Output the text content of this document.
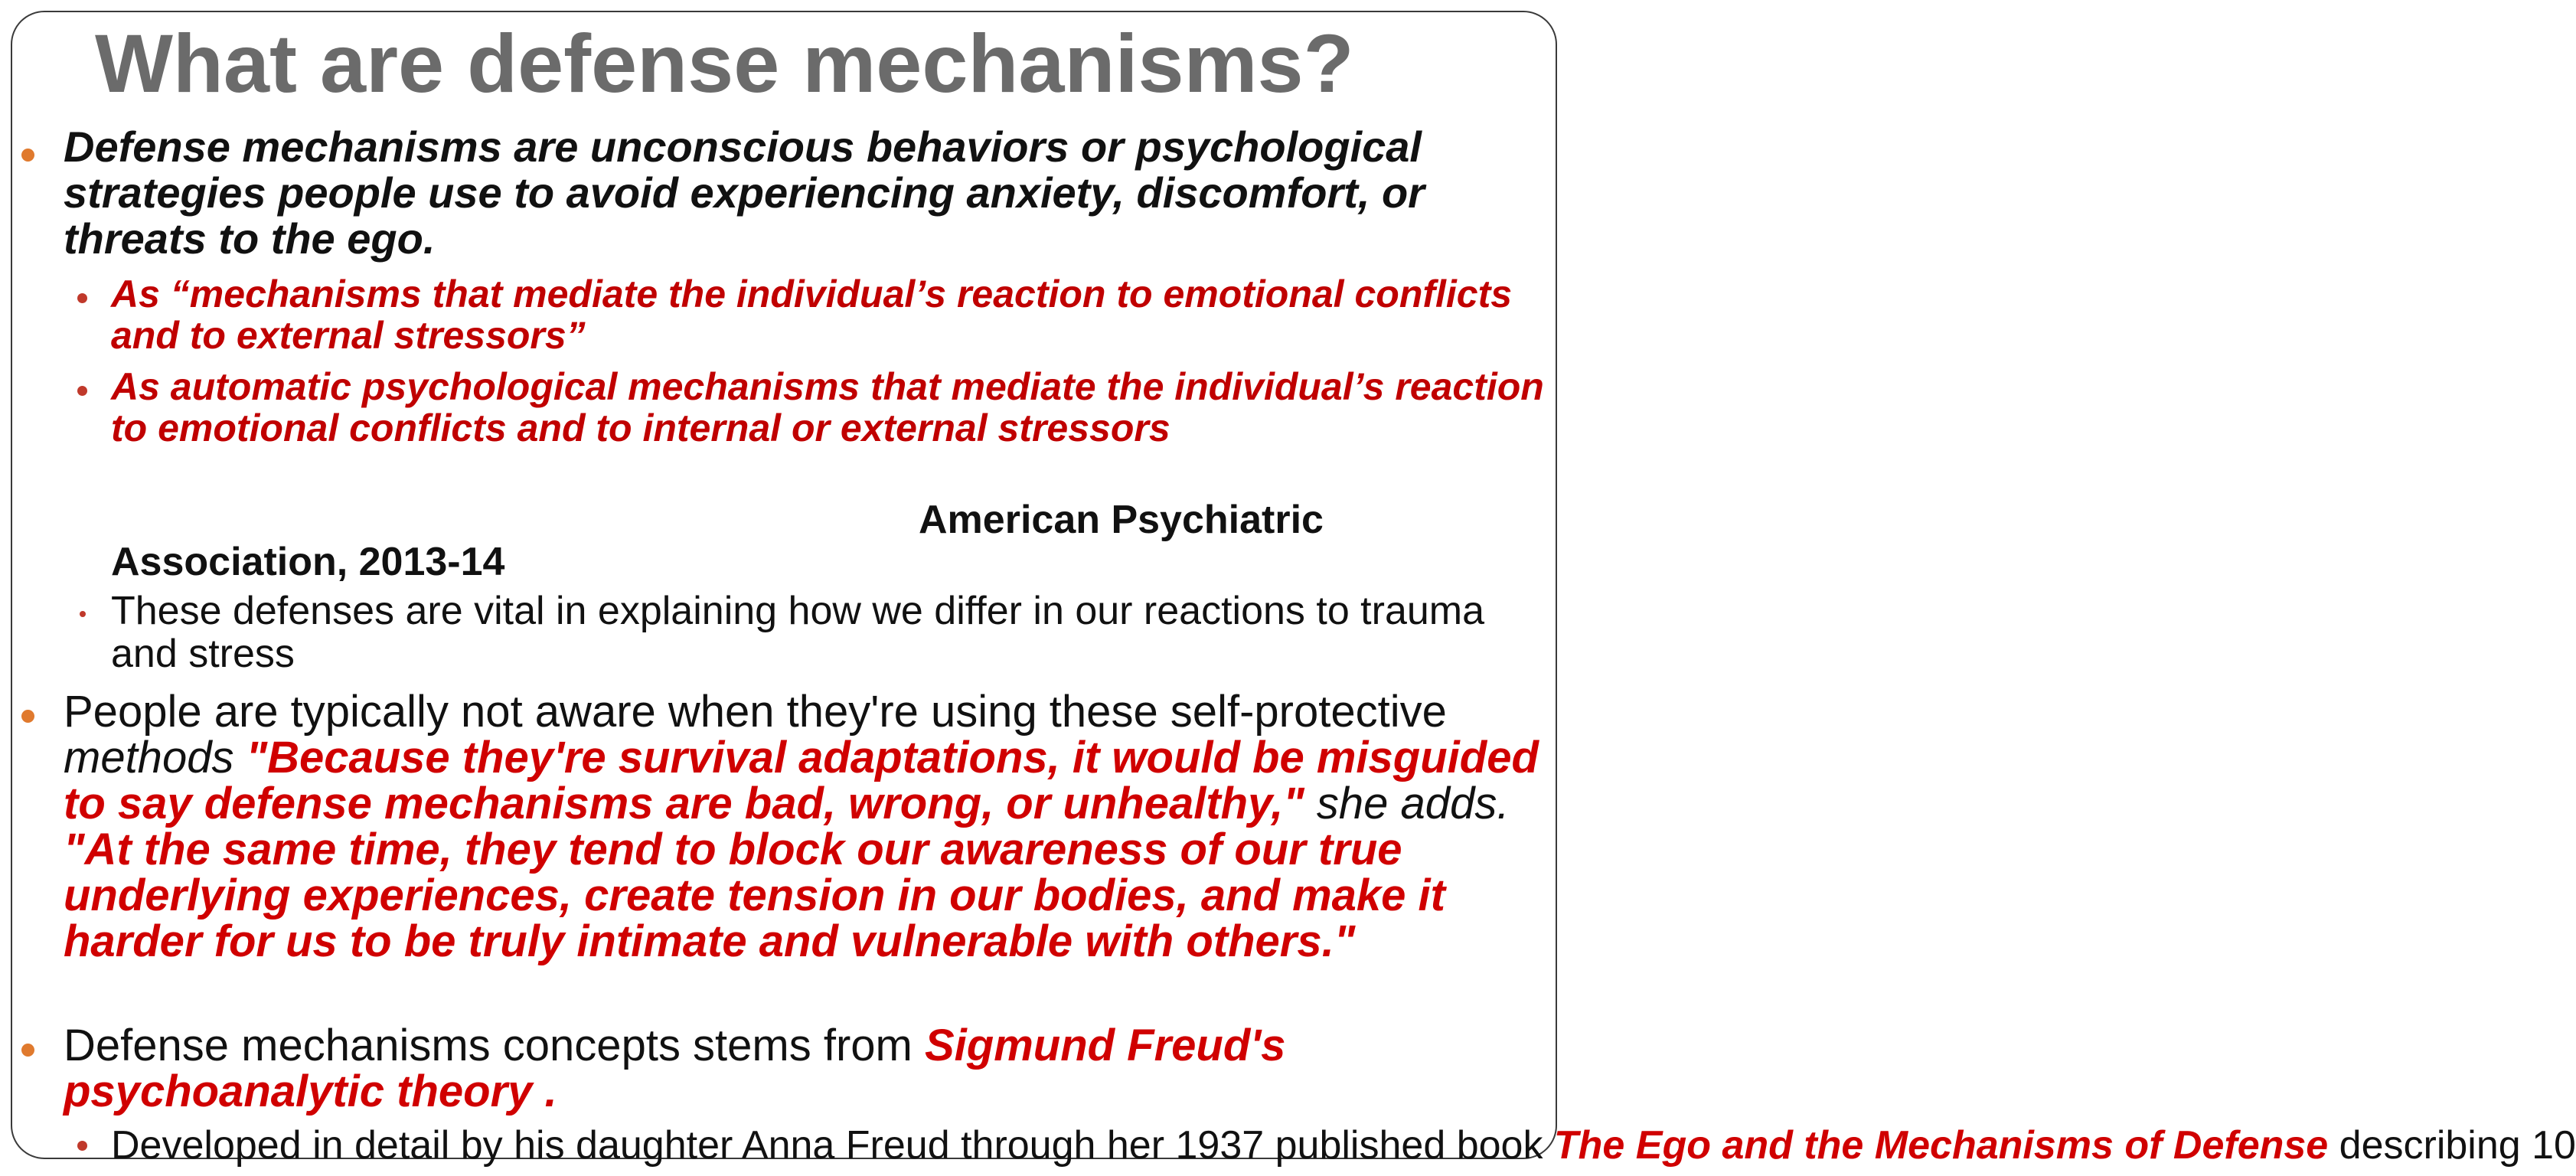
What are defense mechanisms?

Defense mechanisms are unconscious behaviors or psychological strategies people use to avoid experiencing anxiety, discomfort, or threats to the ego.

As “mechanisms that mediate the individual’s reaction to emotional conflicts and to external stressors”

As automatic psychological mechanisms that mediate the individual’s reaction to emotional conflicts and to internal or external stressors

American Psychiatric

Association, 2013-14

These defenses are vital in explaining how we differ in our reactions to trauma and stress

People are typically not aware when they're using these self-protective methods "Because they're survival adaptations, it would be misguided to say defense mechanisms are bad, wrong, or unhealthy," she adds. "At the same time, they tend to block our awareness of our true underlying experiences, create tension in our bodies, and make it harder for us to be truly intimate and vulnerable with others."

Defense mechanisms concepts stems from Sigmund Freud's psychoanalytic theory .

Developed in detail by his daughter Anna Freud through her 1937 published book The Ego and the Mechanisms of Defense describing 10
